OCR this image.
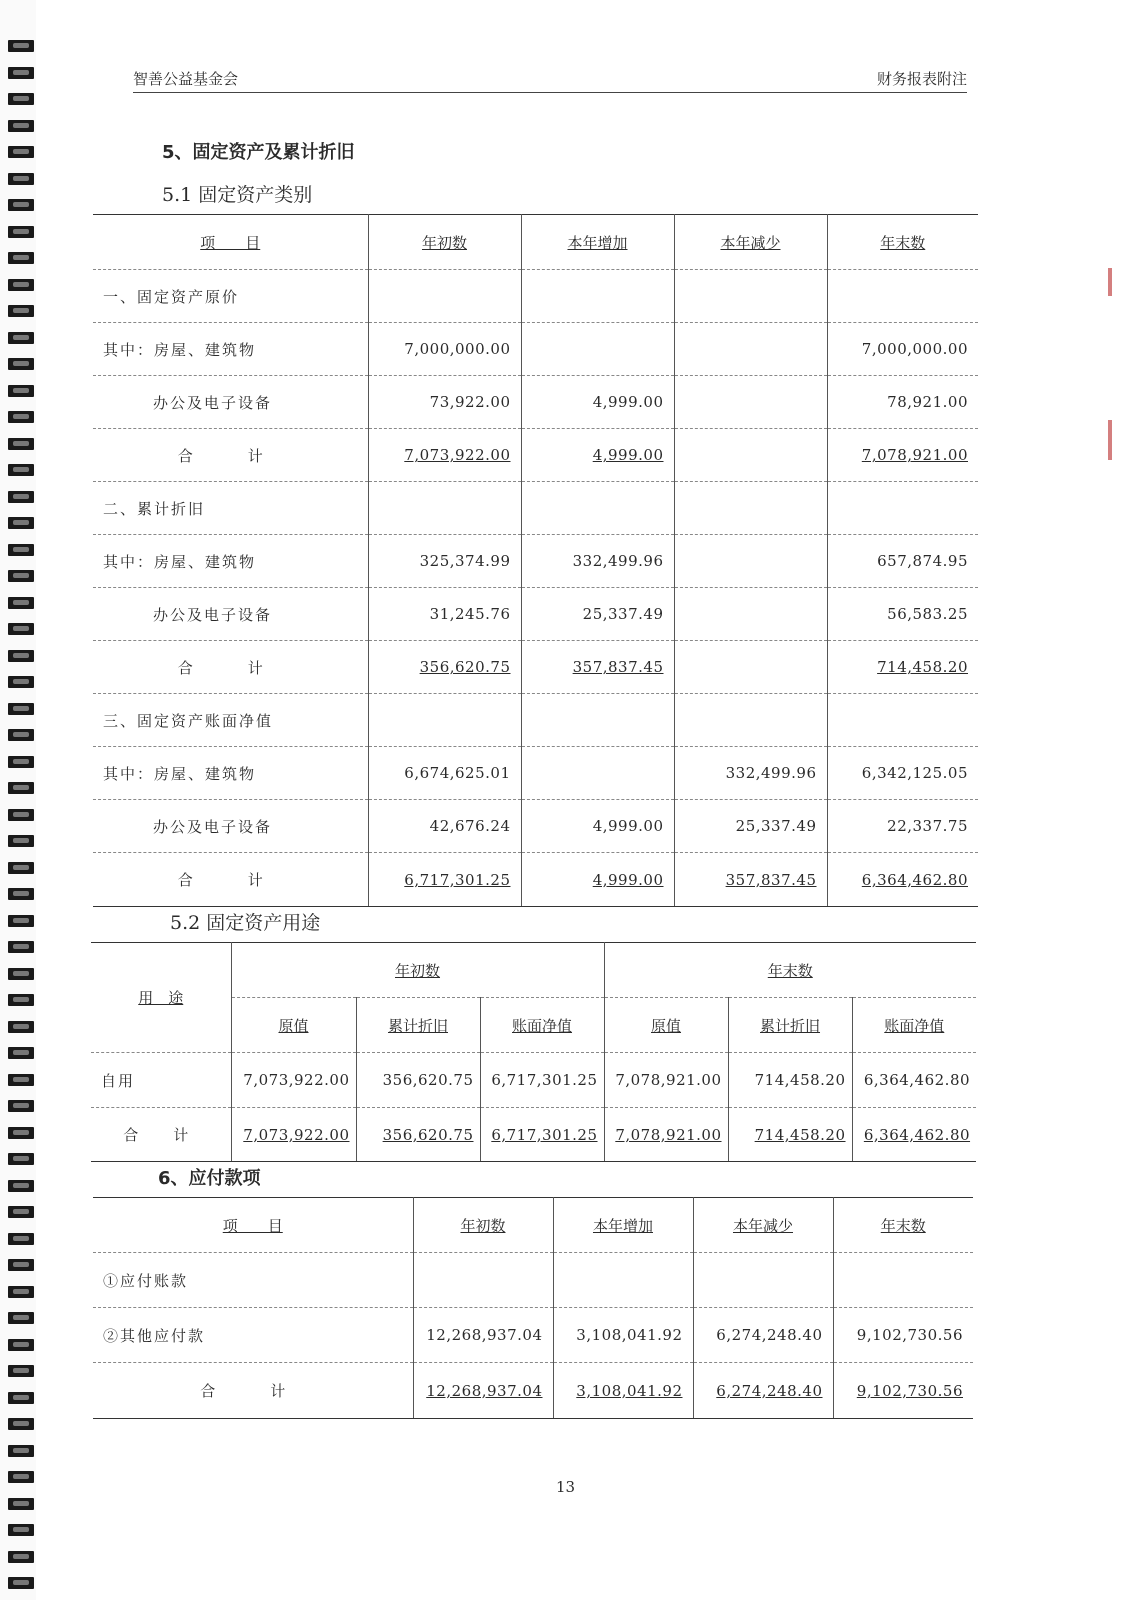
智善公益基金会	财务报表附注
5、固定资产及累计折旧
5.1 固定资产类别
项　　目	年初数	本年增加	本年减少	年末数
一、固定资产原价				
其中：房屋、建筑物	7,000,000.00			7,000,000.00
办公及电子设备	73,922.00	4,999.00		78,921.00
合　计	7,073,922.00	4,999.00		7,078,921.00
二、累计折旧				
其中：房屋、建筑物	325,374.99	332,499.96		657,874.95
办公及电子设备	31,245.76	25,337.49		56,583.25
合　计	356,620.75	357,837.45		714,458.20
三、固定资产账面净值				
其中：房屋、建筑物	6,674,625.01		332,499.96	6,342,125.05
办公及电子设备	42,676.24	4,999.00	25,337.49	22,337.75
合　计	6,717,301.25	4,999.00	357,837.45	6,364,462.80
5.2 固定资产用途
用　途	年初数			年末数		
	原值	累计折旧	账面净值	原值	累计折旧	账面净值
自用	7,073,922.00	356,620.75	6,717,301.25	7,078,921.00	714,458.20	6,364,462.80
合　计	7,073,922.00	356,620.75	6,717,301.25	7,078,921.00	714,458.20	6,364,462.80
6、应付款项
项　　目	年初数	本年增加	本年减少	年末数
①应付账款				
②其他应付款	12,268,937.04	3,108,041.92	6,274,248.40	9,102,730.56
合　计	12,268,937.04	3,108,041.92	6,274,248.40	9,102,730.56
13
